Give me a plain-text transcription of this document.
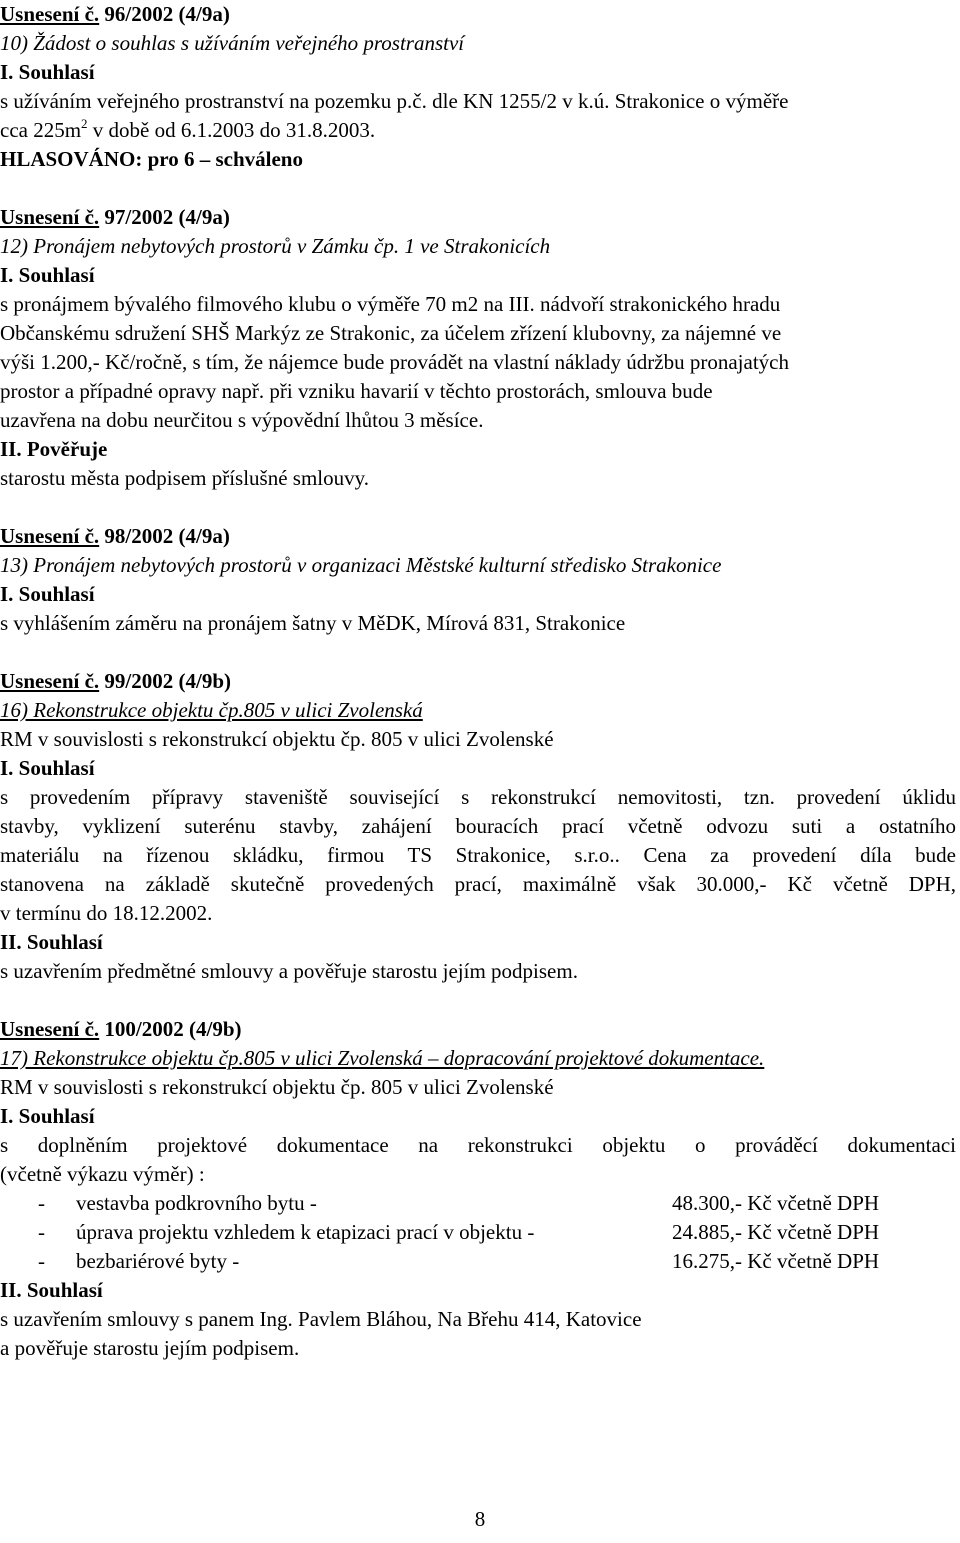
Usnesení č. 96/2002 (4/9a)
10) Žádost o souhlas s užíváním veřejného prostranství
I. Souhlasí
s užíváním veřejného prostranství na pozemku p.č. dle KN 1255/2 v k.ú. Strakonice o výměře
cca $225m^2$ v době od 6.1.2003 do 31.8.2003.
HLASOVÁNO: pro 6 – schváleno
Usnesení č. 97/2002 (4/9a)
12) Pronájem nebytových prostorů v Zámku čp. 1 ve Strakonicích
I. Souhlasí
s pronájmem bývalého filmového klubu o výměře 70 m2 na III. nádvoří strakonického hradu
Občanskému sdružení SHŠ Markýz ze Strakonic, za účelem zřízení klubovny, za nájemné ve
výši 1.200,- Kč/ročně, s tím, že nájemce bude provádět na vlastní náklady údržbu pronajatých
prostor a případné opravy např. při vzniku havarií v těchto prostorách, smlouva bude
uzavřena na dobu neurčitou s výpovědní lhůtou 3 měsíce.
II. Pověřuje
starostu města podpisem příslušné smlouvy.
Usnesení č. 98/2002 (4/9a)
13) Pronájem nebytových prostorů v organizaci Městské kulturní středisko Strakonice
I. Souhlasí
s vyhlášením záměru na pronájem šatny v MěDK, Mírová 831, Strakonice
Usnesení č. 99/2002 (4/9b)
16) Rekonstrukce objektu čp.805 v ulici Zvolenská
RM v souvislosti s rekonstrukcí objektu čp. 805 v ulici Zvolenské
I. Souhlasí
s provedením přípravy staveniště související s rekonstrukcí nemovitosti, tzn. provedení úklidu
stavby, vyklizení suterénu stavby, zahájení bouracích prací včetně odvozu suti a ostatního
materiálu na řízenou skládku, firmou TS Strakonice, s.r.o.. Cena za provedení díla bude
stanovena na základě skutečně provedených prací, maximálně však 30.000,- Kč včetně DPH,
v termínu do 18.12.2002.
II. Souhlasí
s uzavřením předmětné smlouvy a pověřuje starostu jejím podpisem.
Usnesení č. 100/2002 (4/9b)
17) Rekonstrukce objektu čp.805 v ulici Zvolenská – dopracování projektové dokumentace.
RM v souvislosti s rekonstrukcí objektu čp. 805 v ulici Zvolenské
I. Souhlasí
s doplněním projektové dokumentace na rekonstrukci objektu o prováděcí dokumentaci
(včetně výkazu výměr) :
- vestavba podkrovního bytu -	48.300,- Kč včetně DPH
- úprava projektu vzhledem k etapizaci prací v objektu -	24.885,- Kč včetně DPH
- bezbariérové byty -	16.275,- Kč včetně DPH
II. Souhlasí
s uzavřením smlouvy s panem Ing. Pavlem Bláhou, Na Břehu 414, Katovice
a pověřuje starostu jejím podpisem.
8
